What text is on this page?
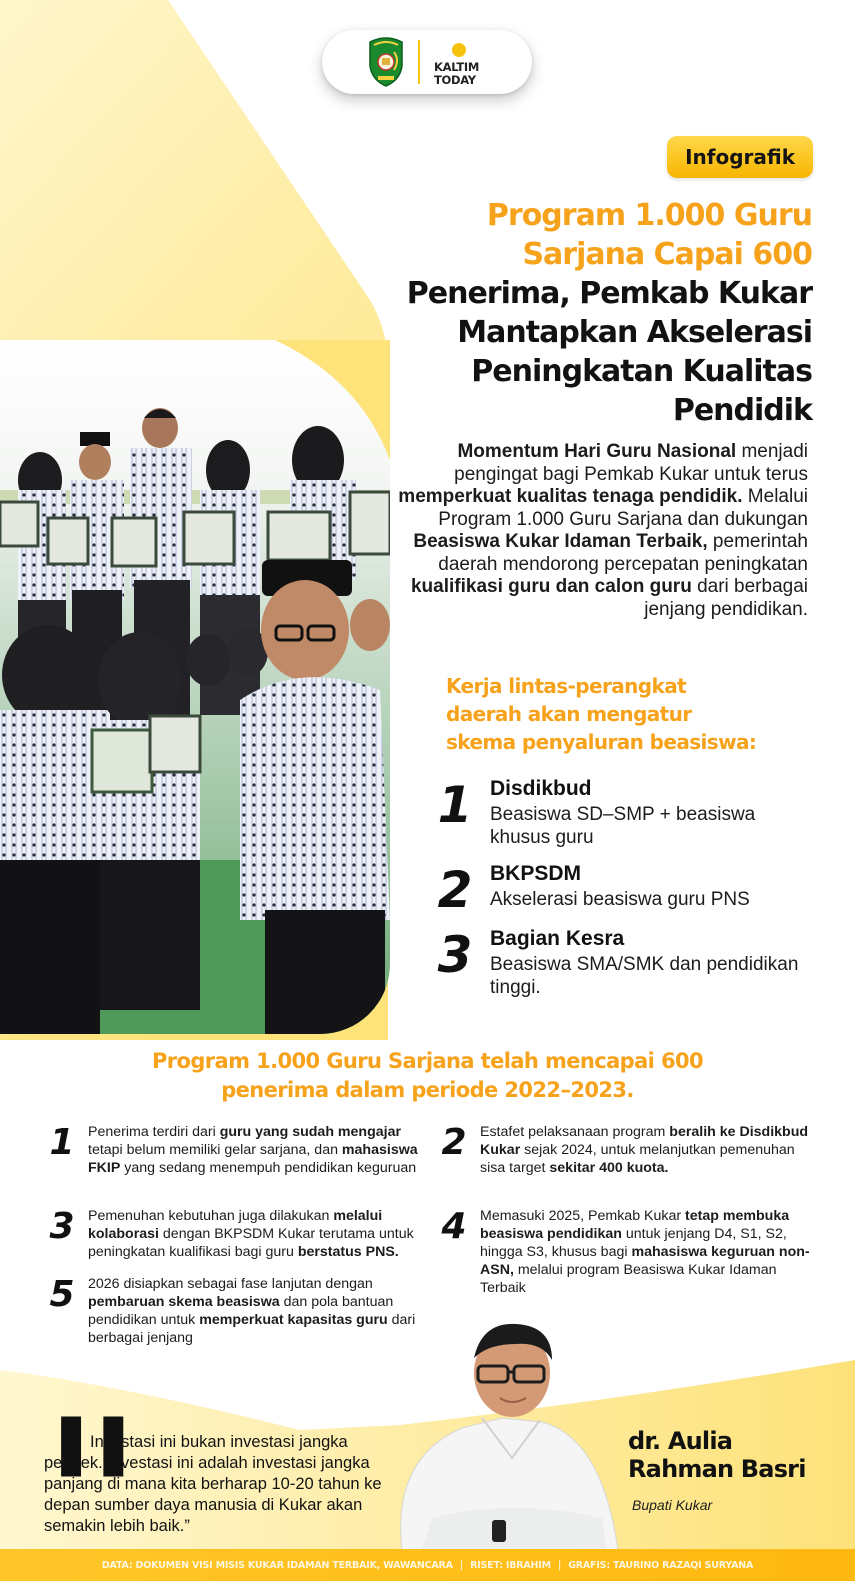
KALTIM
TODAY
Infografik
Program 1.000 Guru
Sarjana Capai 600
Penerima, Pemkab Kukar
Mantapkan Akselerasi
Peningkatan Kualitas
Pendidik

Momentum Hari Guru Nasional menjadi pengingat bagi Pemkab Kukar untuk terus memperkuat kualitas tenaga pendidik. Melalui Program 1.000 Guru Sarjana dan dukungan Beasiswa Kukar Idaman Terbaik, pemerintah daerah mendorong percepatan peningkatan kualifikasi guru dan calon guru dari berbagai jenjang pendidikan.

Kerja lintas-perangkat
daerah akan mengatur
skema penyaluran beasiswa:
1 Disdikbud
Beasiswa SD–SMP + beasiswa khusus guru
2 BKPSDM
Akselerasi beasiswa guru PNS
3 Bagian Kesra
Beasiswa SMA/SMK dan pendidikan tinggi.
Program 1.000 Guru Sarjana telah mencapai 600
penerima dalam periode 2022–2023.
1 Penerima terdiri dari guru yang sudah mengajar tetapi belum memiliki gelar sarjana, dan mahasiswa FKIP yang sedang menempuh pendidikan keguruan
2 Estafet pelaksanaan program beralih ke Disdikbud Kukar sejak 2024, untuk melanjutkan pemenuhan sisa target sekitar 400 kuota.
3 Pemenuhan kebutuhan juga dilakukan melalui kolaborasi dengan BKPSDM Kukar terutama untuk peningkatan kualifikasi bagi guru berstatus PNS.
4 Memasuki 2025, Pemkab Kukar tetap membuka beasiswa pendidikan untuk jenjang D4, S1, S2, hingga S3, khusus bagi mahasiswa keguruan non-ASN, melalui program Beasiswa Kukar Idaman Terbaik
5 2026 disiapkan sebagai fase lanjutan dengan pembaruan skema beasiswa dan pola bantuan pendidikan untuk memperkuat kapasitas guru dari berbagai jenjang
❚❚

Investasi ini bukan investasi jangka pendek. Investasi ini adalah investasi jangka panjang di mana kita berharap 10-20 tahun ke depan sumber daya manusia di Kukar akan semakin lebih baik.”

dr. Aulia
Rahman Basri
Bupati Kukar
DATA: DOKUMEN VISI MISIS KUKAR IDAMAN TERBAIK, WAWANCARA | RISET: IBRAHIM | GRAFIS: TAURINO RAZAQI SURYANA
